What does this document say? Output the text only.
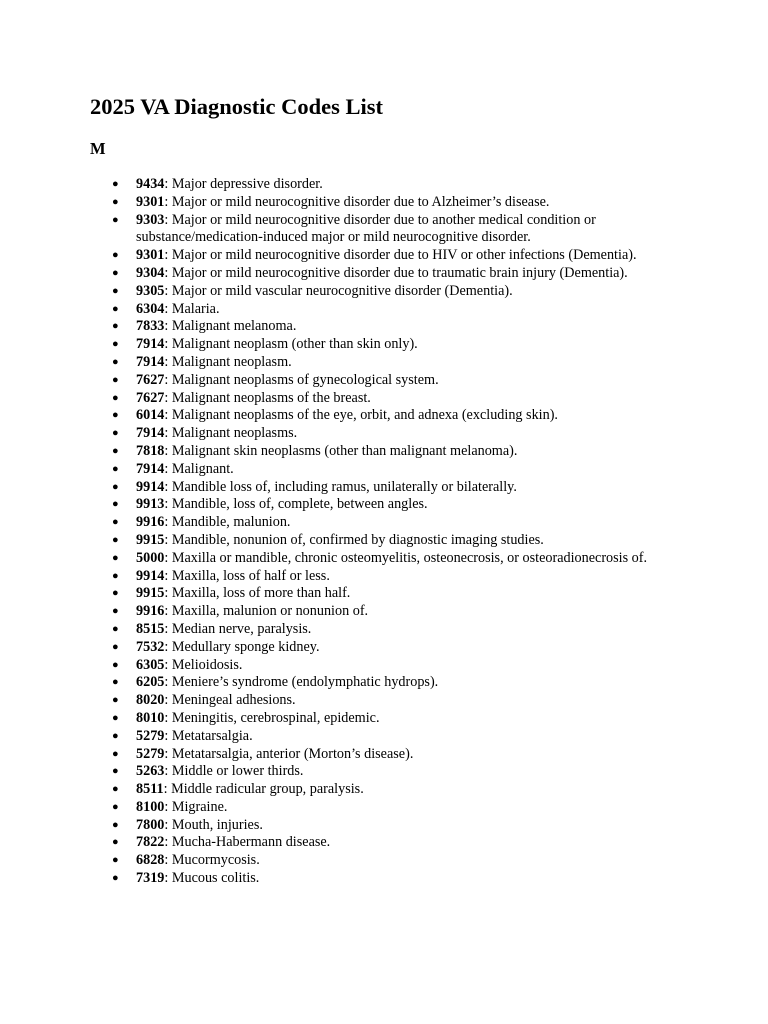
2025 VA Diagnostic Codes List
M
● 9434: Major depressive disorder.
● 9301: Major or mild neurocognitive disorder due to Alzheimer’s disease.
● 9303: Major or mild neurocognitive disorder due to another medical condition or substance/medication-induced major or mild neurocognitive disorder.
● 9301: Major or mild neurocognitive disorder due to HIV or other infections (Dementia).
● 9304: Major or mild neurocognitive disorder due to traumatic brain injury (Dementia).
● 9305: Major or mild vascular neurocognitive disorder (Dementia).
● 6304: Malaria.
● 7833: Malignant melanoma.
● 7914: Malignant neoplasm (other than skin only).
● 7914: Malignant neoplasm.
● 7627: Malignant neoplasms of gynecological system.
● 7627: Malignant neoplasms of the breast.
● 6014: Malignant neoplasms of the eye, orbit, and adnexa (excluding skin).
● 7914: Malignant neoplasms.
● 7818: Malignant skin neoplasms (other than malignant melanoma).
● 7914: Malignant.
● 9914: Mandible loss of, including ramus, unilaterally or bilaterally.
● 9913: Mandible, loss of, complete, between angles.
● 9916: Mandible, malunion.
● 9915: Mandible, nonunion of, confirmed by diagnostic imaging studies.
● 5000: Maxilla or mandible, chronic osteomyelitis, osteonecrosis, or osteoradionecrosis of.
● 9914: Maxilla, loss of half or less.
● 9915: Maxilla, loss of more than half.
● 9916: Maxilla, malunion or nonunion of.
● 8515: Median nerve, paralysis.
● 7532: Medullary sponge kidney.
● 6305: Melioidosis.
● 6205: Meniere’s syndrome (endolymphatic hydrops).
● 8020: Meningeal adhesions.
● 8010: Meningitis, cerebrospinal, epidemic.
● 5279: Metatarsalgia.
● 5279: Metatarsalgia, anterior (Morton’s disease).
● 5263: Middle or lower thirds.
● 8511: Middle radicular group, paralysis.
● 8100: Migraine.
● 7800: Mouth, injuries.
● 7822: Mucha-Habermann disease.
● 6828: Mucormycosis.
● 7319: Mucous colitis.
